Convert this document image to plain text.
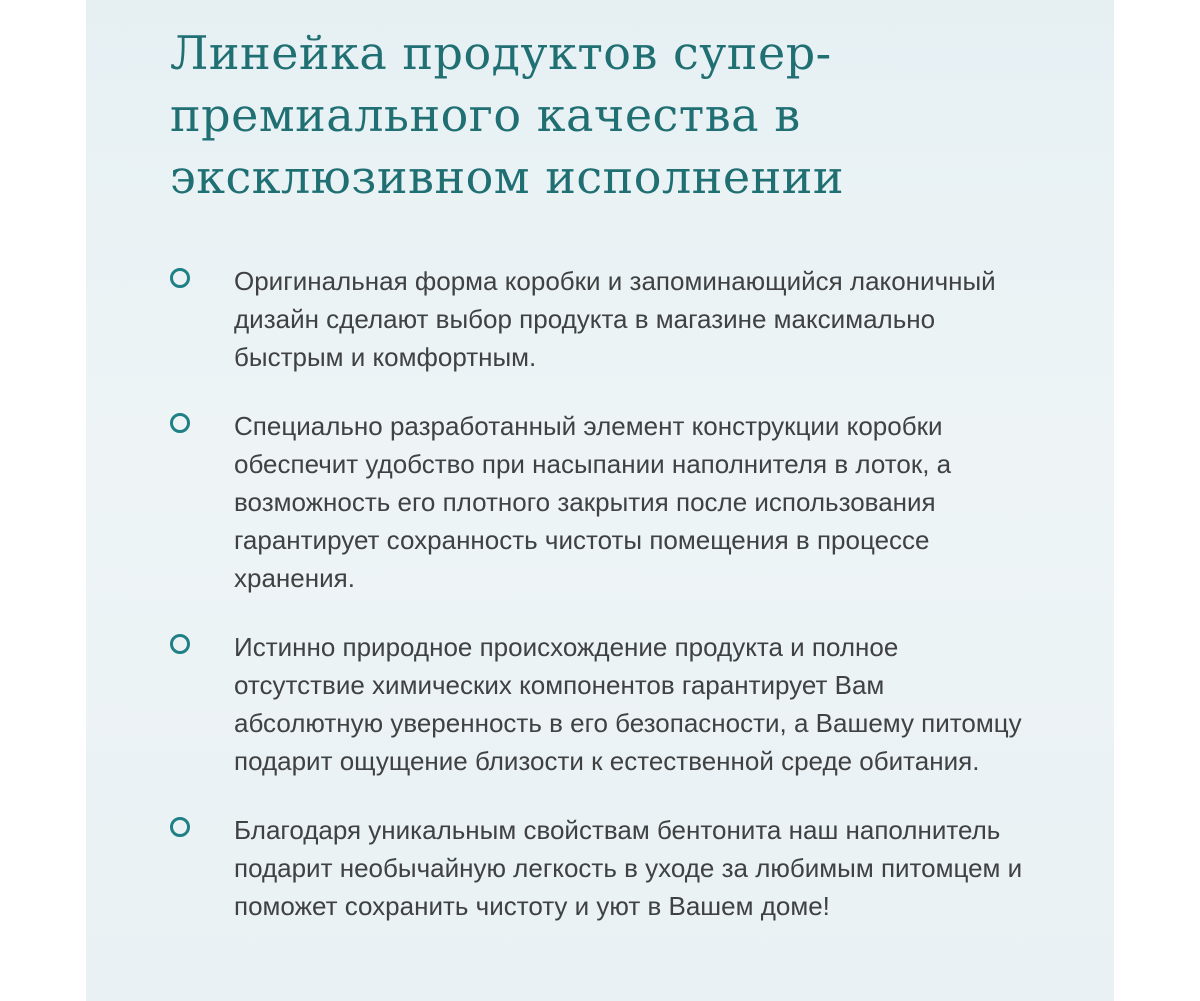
Линейка продуктов супер-премиального качества в эксклюзивном исполнении
Оригинальная форма коробки и запоминающийся лаконичный дизайн сделают выбор продукта в магазине максимально быстрым и комфортным.
Специально разработанный элемент конструкции коробки обеспечит удобство при насыпании наполнителя в лоток, а возможность его плотного закрытия после использования гарантирует сохранность чистоты помещения в процессе хранения.
Истинно природное происхождение продукта и полное отсутствие химических компонентов гарантирует Вам абсолютную уверенность в его безопасности, а Вашему питомцу подарит ощущение близости к естественной среде обитания.
Благодаря уникальным свойствам бентонита наш наполнитель подарит необычайную легкость в уходе за любимым питомцем и поможет сохранить чистоту и уют в Вашем доме!
